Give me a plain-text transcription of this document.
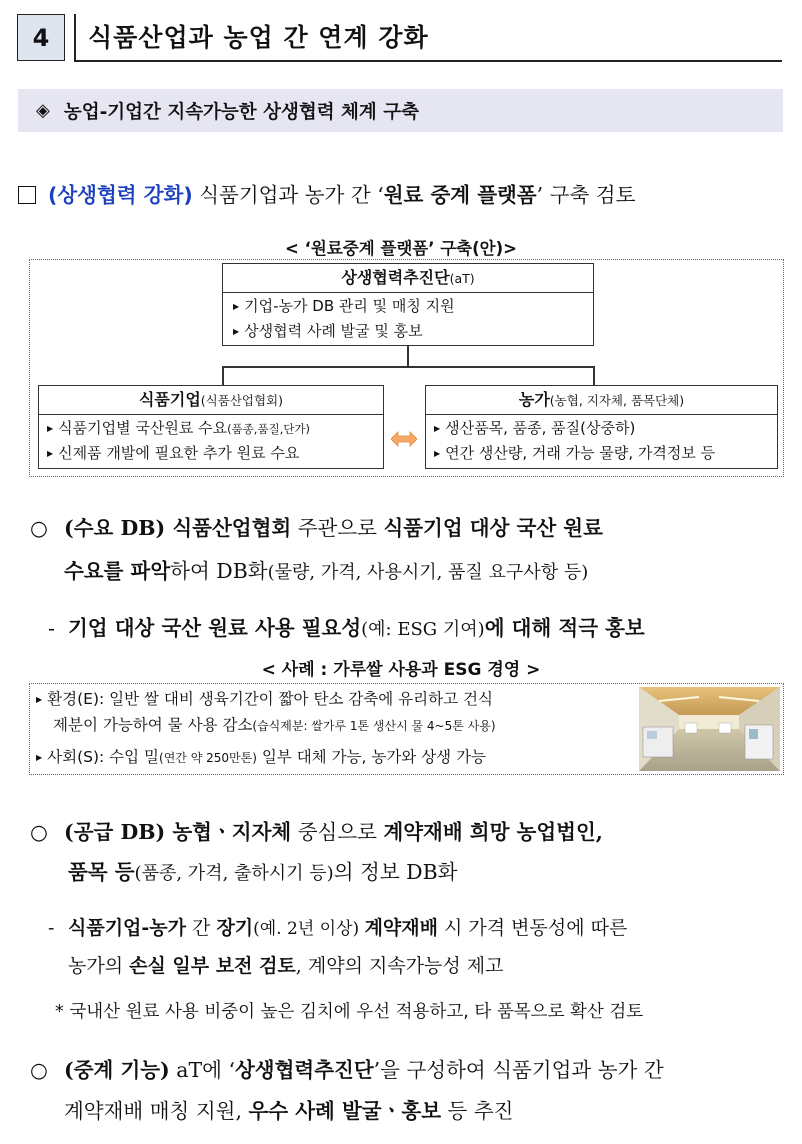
4 식품산업과 농업 간 연계 강화
◈ 농업-기업간 지속가능한 상생협력 체계 구축
(상생협력 강화) 식품기업과 농가 간 ‘원료 중계 플랫폼’ 구축 검토
< ‘원료중계 플랫폼’ 구축(안)>
상생협력추진단(aT)
▶ 기업-농가 DB 관리 및 매칭 지원
▶ 상생협력 사례 발굴 및 홍보
식품기업(식품산업협회)
▶ 식품기업별 국산원료 수요(품종,품질,단가)
▶ 신제품 개발에 필요한 추가 원료 수요
농가(농협, 지자체, 품목단체)
▶ 생산품목, 품종, 품질(상중하)
▶ 연간 생산량, 거래 가능 물량, 가격정보 등
○ (수요 DB) 식품산업협회 주관으로 식품기업 대상 국산 원료
수요를 파악하여 DB화(물량, 가격, 사용시기, 품질 요구사항 등)
- 기업 대상 국산 원료 사용 필요성(예: ESG 기여)에 대해 적극 홍보
< 사례 : 가루쌀 사용과 ESG 경영 >
▶ 환경(E): 일반 쌀 대비 생육기간이 짧아 탄소 감축에 유리하고 건식
제분이 가능하여 물 사용 감소(습식제분: 쌀가루 1톤 생산시 물 4~5톤 사용)
▶ 사회(S): 수입 밀(연간 약 250만톤) 일부 대체 가능, 농가와 상생 가능
○ (공급 DB) 농협ㆍ지자체 중심으로 계약재배 희망 농업법인,
품목 등(품종, 가격, 출하시기 등)의 정보 DB화
- 식품기업-농가 간 장기(예. 2년 이상) 계약재배 시 가격 변동성에 따른
농가의 손실 일부 보전 검토, 계약의 지속가능성 제고
* 국내산 원료 사용 비중이 높은 김치에 우선 적용하고, 타 품목으로 확산 검토
○ (중계 기능) aT에 ‘상생협력추진단’을 구성하여 식품기업과 농가 간
계약재배 매칭 지원, 우수 사례 발굴ㆍ홍보 등 추진
